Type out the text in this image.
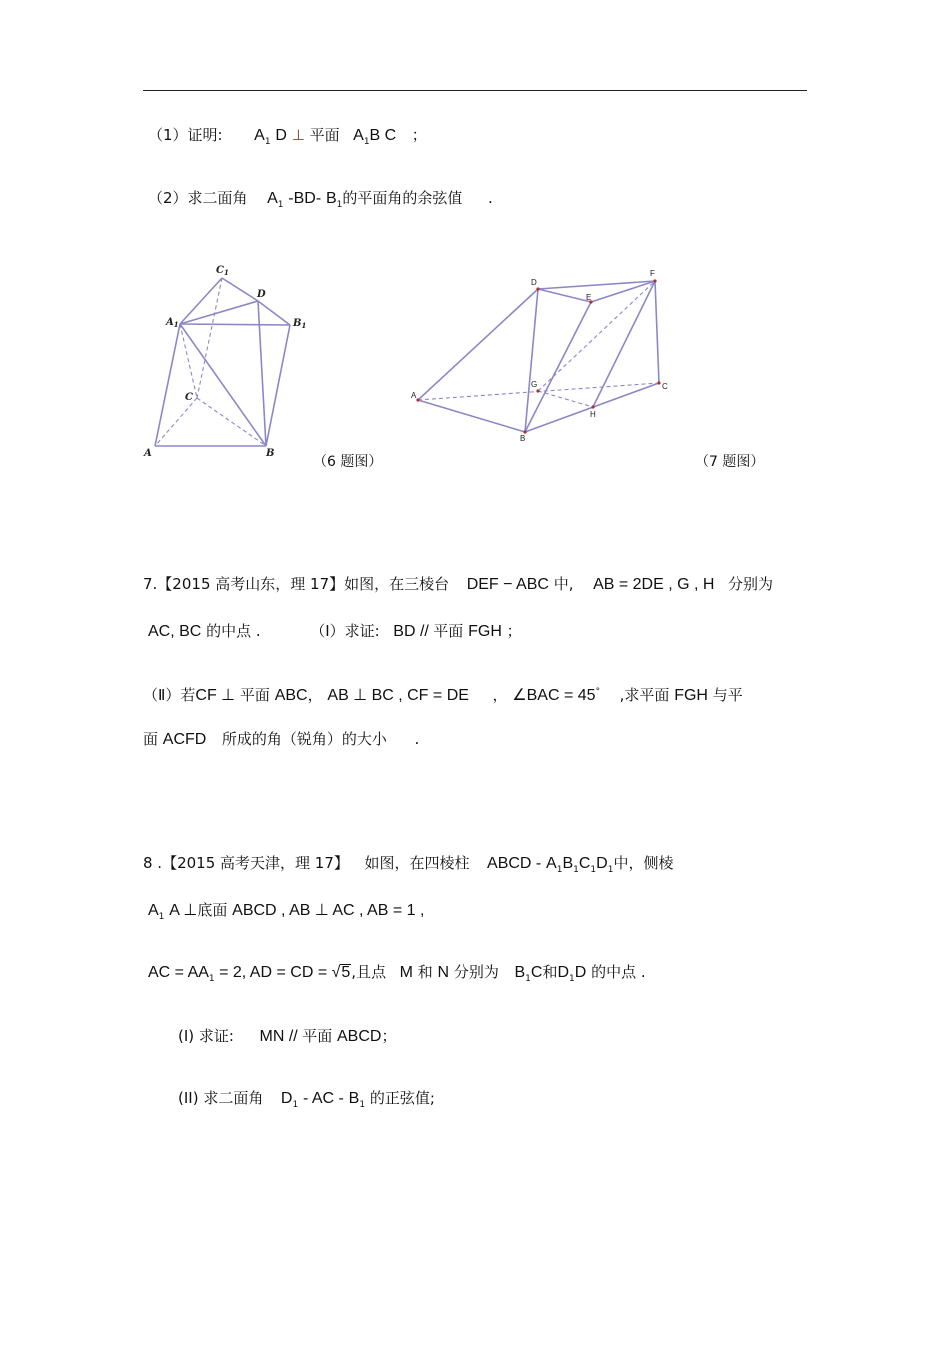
（1）证明: $A_1$ D ⊥ 平面 $A_1B$ C ；
（2）求二面角 $A_1$ -BD- $B_1$的平面角的余弦值 .
$C_1$
D
$A_1$	$B_1$
C
A	B
D
F
E
A
G	C
H
B
（6 题图）	（7 题图）
7.【2015 高考山东，理 17】如图，在三棱台 DEF − ABC 中, AB = 2DE , G , H 分别为
AC, BC 的中点 .	（Ⅰ）求证: BD // 平面 FGH ；
（Ⅱ）若CF ⊥ 平面 ABC， AB ⊥ BC , CF = DE ， ∠BAC = 45° ,求平面 FGH 与平
面 ACFD 所成的角（锐角）的大小 .
8 .【2015 高考天津，理 17】 如图，在四棱柱 ABCD - $A_1B_1C_1D_1$中，侧棱
$A_1$ A ⊥底面 ABCD , AB ⊥ AC , AB = 1 ,
AC = $AA_1 = 2$, AD = CD = √5,且点 M 和 N 分别为 $B_1C$和$D_1D$ 的中点 .
(I) 求证: MN // 平面 ABCD；
(II) 求二面角 $D_1$ - AC - $B_1$ 的正弦值;
